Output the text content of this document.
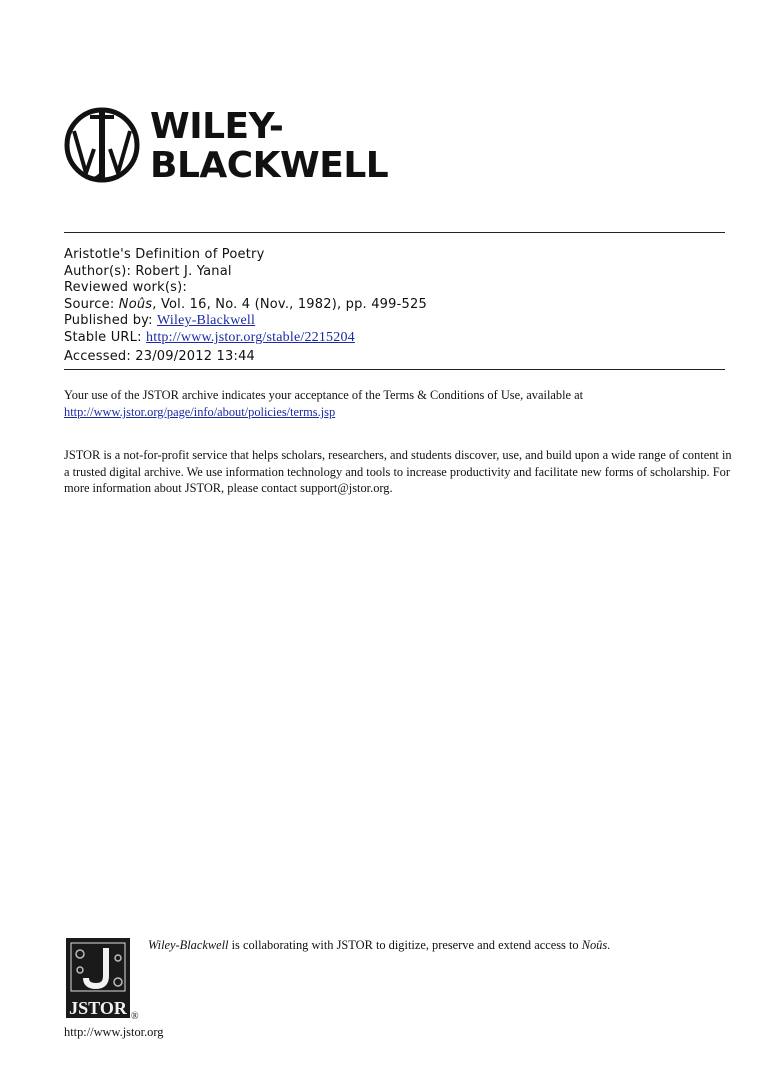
WILEY-
BLACKWELL
Aristotle's Definition of Poetry
Author(s): Robert J. Yanal
Reviewed work(s):
Source: Noûs, Vol. 16, No. 4 (Nov., 1982), pp. 499-525
Published by: Wiley-Blackwell
Stable URL: http://www.jstor.org/stable/2215204
Accessed: 23/09/2012 13:44
Your use of the JSTOR archive indicates your acceptance of the Terms & Conditions of Use, available at
http://www.jstor.org/page/info/about/policies/terms.jsp
JSTOR is a not-for-profit service that helps scholars, researchers, and students discover, use, and build upon a wide range of content in a trusted digital archive. We use information technology and tools to increase productivity and facilitate new forms of scholarship. For more information about JSTOR, please contact support@jstor.org.
JSTOR ®
Wiley-Blackwell is collaborating with JSTOR to digitize, preserve and extend access to Noûs.
http://www.jstor.org
